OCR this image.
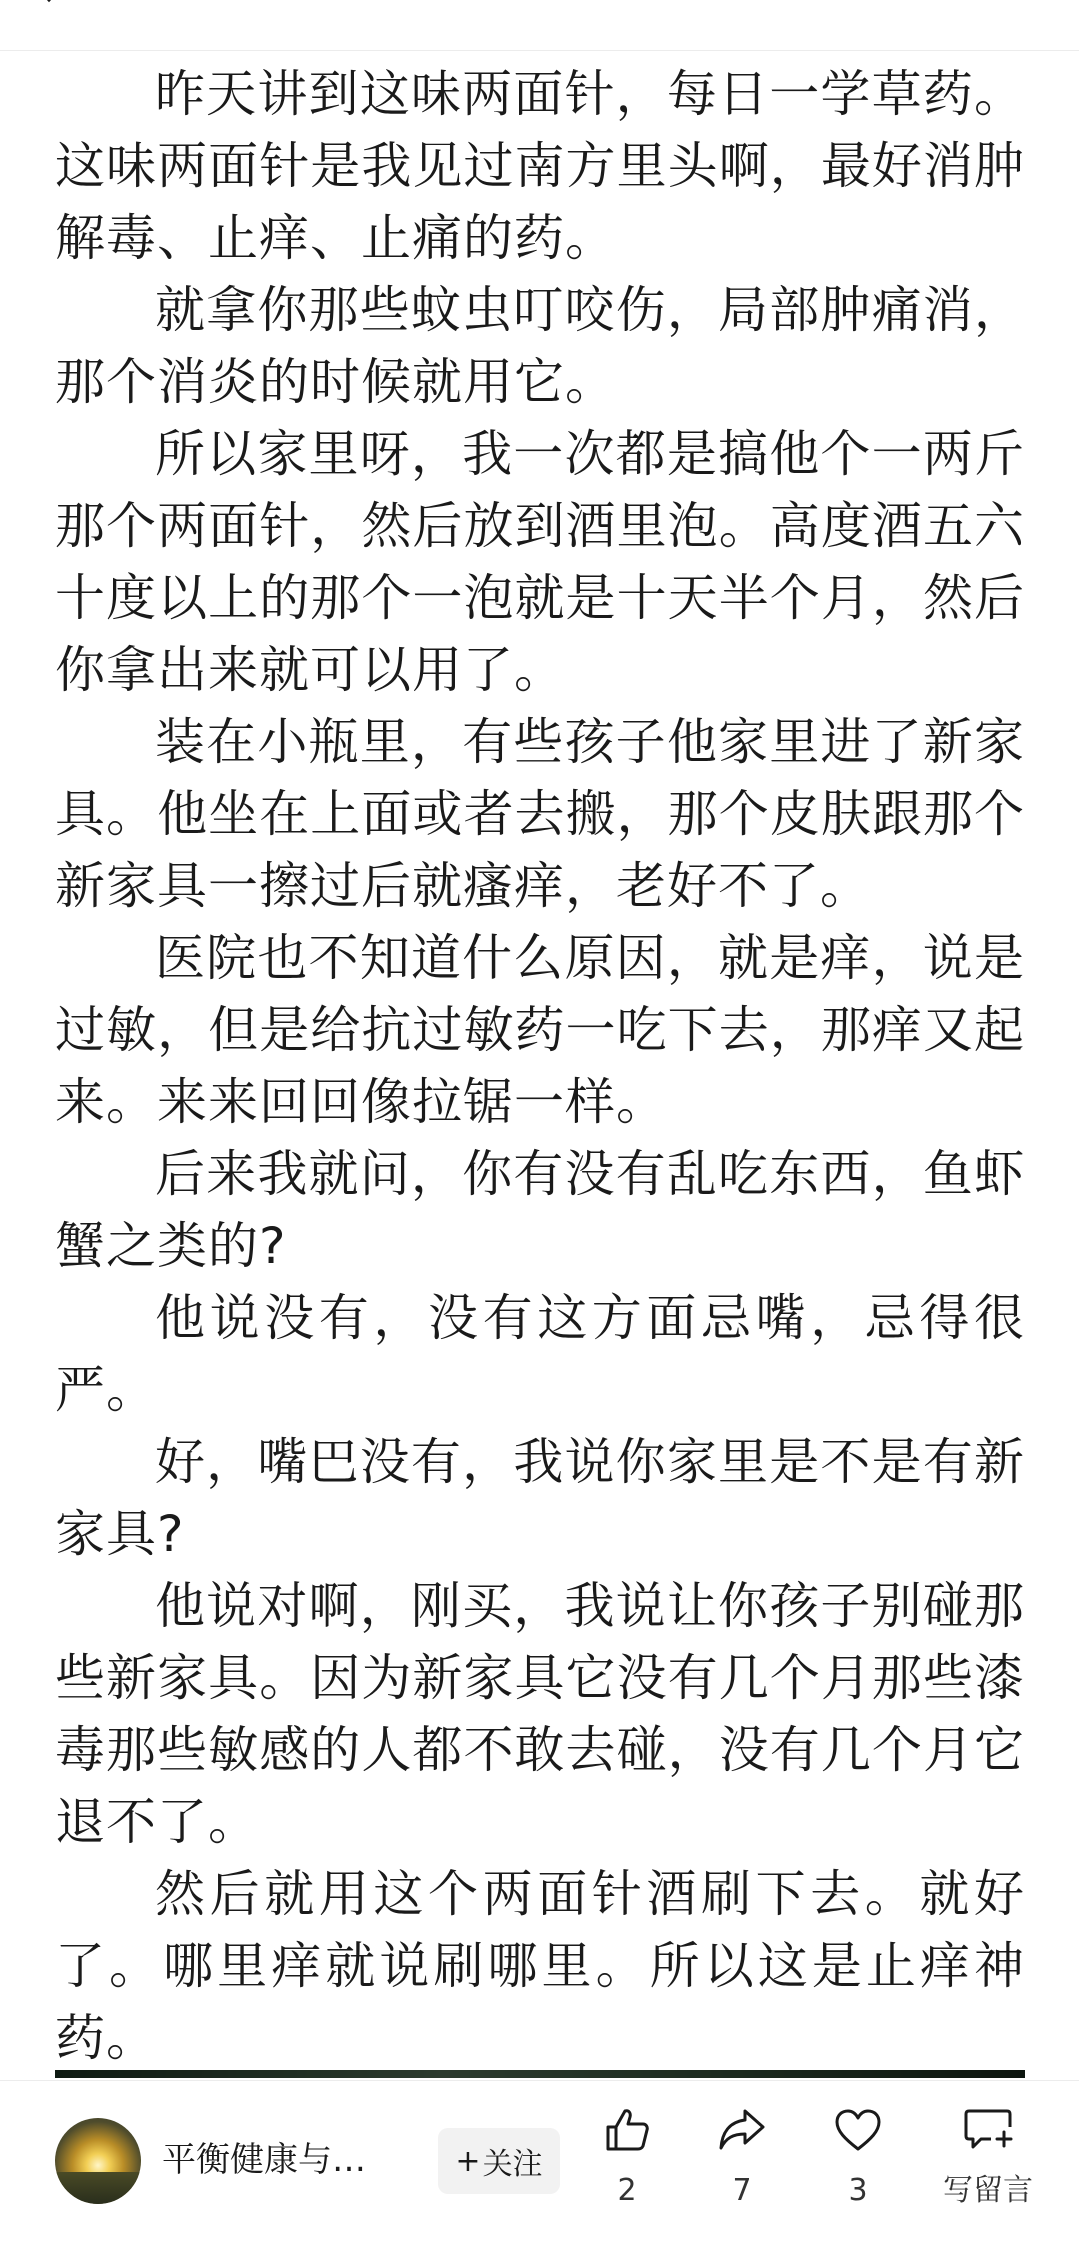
昨天讲到这味两面针，每日一学草药。这味两面针是我见过南方里头啊，最好消肿解毒、止痒、止痛的药。

就拿你那些蚊虫叮咬伤，局部肿痛消，那个消炎的时候就用它。

所以家里呀，我一次都是搞他个一两斤那个两面针，然后放到酒里泡。高度酒五六十度以上的那个一泡就是十天半个月，然后你拿出来就可以用了。

装在小瓶里，有些孩子他家里进了新家具。他坐在上面或者去搬，那个皮肤跟那个新家具一擦过后就瘙痒，老好不了。

医院也不知道什么原因，就是痒，说是过敏，但是给抗过敏药一吃下去，那痒又起来。来来回回像拉锯一样。

后来我就问，你有没有乱吃东西，鱼虾蟹之类的?

他说没有，没有这方面忌嘴，忌得很严。

好，嘴巴没有，我说你家里是不是有新家具?

他说对啊，刚买，我说让你孩子别碰那些新家具。因为新家具它没有几个月那些漆毒那些敏感的人都不敢去碰，没有几个月它退不了。

然后就用这个两面针酒刷下去。就好了。哪里痒就说刷哪里。所以这是止痒神药。

平衡健康与…	+ 关注
2	7	3	写留言
